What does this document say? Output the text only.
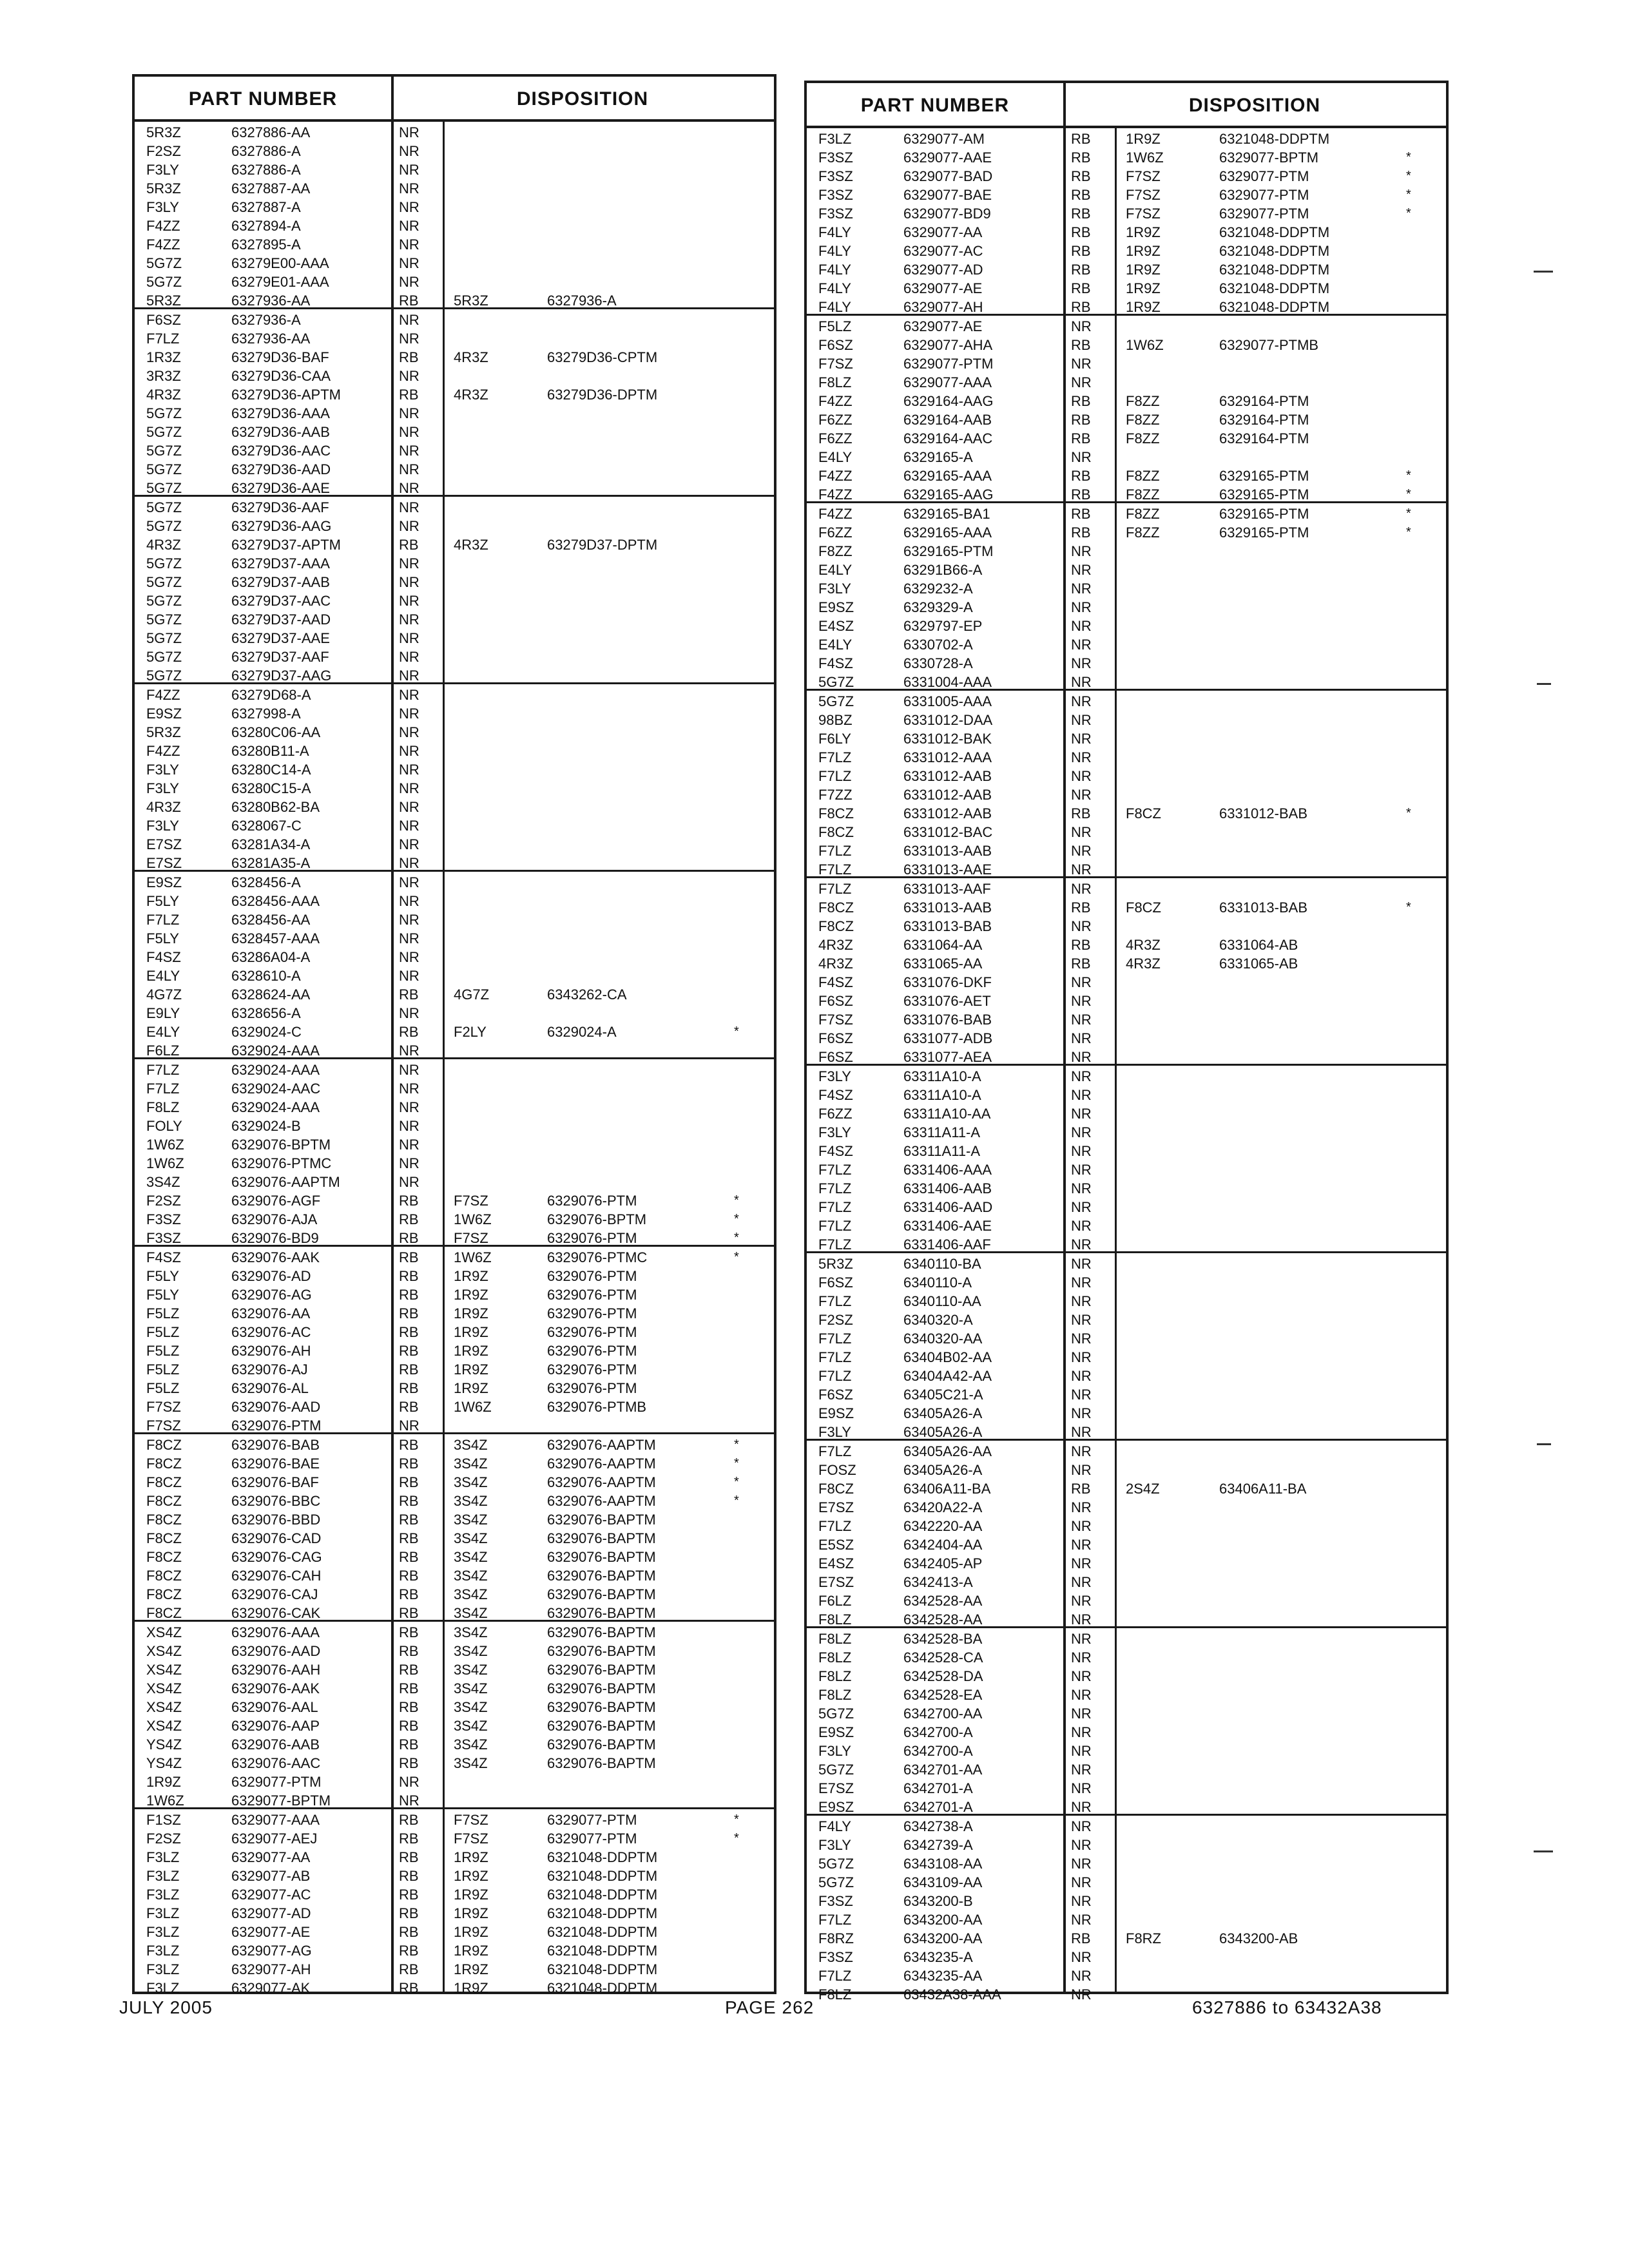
PART NUMBER	DISPOSITION
5R3Z	6327886-AA	NR
F2SZ	6327886-A	NR
F3LY	6327886-A	NR
5R3Z	6327887-AA	NR
F3LY	6327887-A	NR
F4ZZ	6327894-A	NR
F4ZZ	6327895-A	NR
5G7Z	63279E00-AAA	NR
5G7Z	63279E01-AAA	NR
5R3Z	6327936-AA	RB 5R3Z	6327936-A
F6SZ	6327936-A	NR
F7LZ	6327936-AA	NR
1R3Z	63279D36-BAF	RB 4R3Z	63279D36-CPTM
3R3Z	63279D36-CAA	NR
4R3Z	63279D36-APTM	RB 4R3Z	63279D36-DPTM
5G7Z	63279D36-AAA	NR
5G7Z	63279D36-AAB	NR
5G7Z	63279D36-AAC	NR
5G7Z	63279D36-AAD	NR
5G7Z	63279D36-AAE	NR
5G7Z	63279D36-AAF	NR
5G7Z	63279D36-AAG	NR
4R3Z	63279D37-APTM	RB 4R3Z	63279D37-DPTM
5G7Z	63279D37-AAA	NR
5G7Z	63279D37-AAB	NR
5G7Z	63279D37-AAC	NR
5G7Z	63279D37-AAD	NR
5G7Z	63279D37-AAE	NR
5G7Z	63279D37-AAF	NR
5G7Z	63279D37-AAG	NR
F4ZZ	63279D68-A	NR
E9SZ	6327998-A	NR
5R3Z	63280C06-AA	NR
F4ZZ	63280B11-A	NR
F3LY	63280C14-A	NR
F3LY	63280C15-A	NR
4R3Z	63280B62-BA	NR
F3LY	6328067-C	NR
E7SZ	63281A34-A	NR
E7SZ	63281A35-A	NR
E9SZ	6328456-A	NR
F5LY	6328456-AAA	NR
F7LZ	6328456-AA	NR
F5LY	6328457-AAA	NR
F4SZ	63286A04-A	NR
E4LY	6328610-A	NR
4G7Z	6328624-AA	RB 4G7Z	6343262-CA
E9LY	6328656-A	NR
E4LY	6329024-C	RB F2LY	6329024-A	*
F6LZ	6329024-AAA	NR
F7LZ	6329024-AAA	NR
F7LZ	6329024-AAC	NR
F8LZ	6329024-AAA	NR
FOLY	6329024-B	NR
1W6Z	6329076-BPTM	NR
1W6Z	6329076-PTMC	NR
3S4Z	6329076-AAPTM	NR
F2SZ	6329076-AGF	RB F7SZ	6329076-PTM	*
F3SZ	6329076-AJA	RB 1W6Z	6329076-BPTM	*
F3SZ	6329076-BD9	RB F7SZ	6329076-PTM	*
F4SZ	6329076-AAK	RB 1W6Z	6329076-PTMC	*
F5LY	6329076-AD	RB 1R9Z	6329076-PTM
F5LY	6329076-AG	RB 1R9Z	6329076-PTM
F5LZ	6329076-AA	RB 1R9Z	6329076-PTM
F5LZ	6329076-AC	RB 1R9Z	6329076-PTM
F5LZ	6329076-AH	RB 1R9Z	6329076-PTM
F5LZ	6329076-AJ	RB 1R9Z	6329076-PTM
F5LZ	6329076-AL	RB 1R9Z	6329076-PTM
F7SZ	6329076-AAD	RB 1W6Z	6329076-PTMB
F7SZ	6329076-PTM	NR
F8CZ	6329076-BAB	RB 3S4Z	6329076-AAPTM	*
F8CZ	6329076-BAE	RB 3S4Z	6329076-AAPTM	*
F8CZ	6329076-BAF	RB 3S4Z	6329076-AAPTM	*
F8CZ	6329076-BBC	RB 3S4Z	6329076-AAPTM	*
F8CZ	6329076-BBD	RB 3S4Z	6329076-BAPTM
F8CZ	6329076-CAD	RB 3S4Z	6329076-BAPTM
F8CZ	6329076-CAG	RB 3S4Z	6329076-BAPTM
F8CZ	6329076-CAH	RB 3S4Z	6329076-BAPTM
F8CZ	6329076-CAJ	RB 3S4Z	6329076-BAPTM
F8CZ	6329076-CAK	RB 3S4Z	6329076-BAPTM
XS4Z	6329076-AAA	RB 3S4Z	6329076-BAPTM
XS4Z	6329076-AAD	RB 3S4Z	6329076-BAPTM
XS4Z	6329076-AAH	RB 3S4Z	6329076-BAPTM
XS4Z	6329076-AAK	RB 3S4Z	6329076-BAPTM
XS4Z	6329076-AAL	RB 3S4Z	6329076-BAPTM
XS4Z	6329076-AAP	RB 3S4Z	6329076-BAPTM
YS4Z	6329076-AAB	RB 3S4Z	6329076-BAPTM
YS4Z	6329076-AAC	RB 3S4Z	6329076-BAPTM
1R9Z	6329077-PTM	NR
1W6Z	6329077-BPTM	NR
F1SZ	6329077-AAA	RB F7SZ	6329077-PTM	*
F2SZ	6329077-AEJ	RB F7SZ	6329077-PTM	*
F3LZ	6329077-AA	RB 1R9Z	6321048-DDPTM
F3LZ	6329077-AB	RB 1R9Z	6321048-DDPTM
F3LZ	6329077-AC	RB 1R9Z	6321048-DDPTM
F3LZ	6329077-AD	RB 1R9Z	6321048-DDPTM
F3LZ	6329077-AE	RB 1R9Z	6321048-DDPTM
F3LZ	6329077-AG	RB 1R9Z	6321048-DDPTM
F3LZ	6329077-AH	RB 1R9Z	6321048-DDPTM
F3LZ	6329077-AK	RB 1R9Z	6321048-DDPTM
PART NUMBER	DISPOSITION
F3LZ	6329077-AM	RB 1R9Z	6321048-DDPTM
F3SZ	6329077-AAE	RB 1W6Z	6329077-BPTM	*
F3SZ	6329077-BAD	RB F7SZ	6329077-PTM	*
F3SZ	6329077-BAE	RB F7SZ	6329077-PTM	*
F3SZ	6329077-BD9	RB F7SZ	6329077-PTM	*
F4LY	6329077-AA	RB 1R9Z	6321048-DDPTM
F4LY	6329077-AC	RB 1R9Z	6321048-DDPTM
F4LY	6329077-AD	RB 1R9Z	6321048-DDPTM
F4LY	6329077-AE	RB 1R9Z	6321048-DDPTM
F4LY	6329077-AH	RB 1R9Z	6321048-DDPTM
F5LZ	6329077-AE	NR
F6SZ	6329077-AHA	RB 1W6Z	6329077-PTMB
F7SZ	6329077-PTM	NR
F8LZ	6329077-AAA	NR
F4ZZ	6329164-AAG	RB F8ZZ	6329164-PTM
F6ZZ	6329164-AAB	RB F8ZZ	6329164-PTM
F6ZZ	6329164-AAC	RB F8ZZ	6329164-PTM
E4LY	6329165-A	NR
F4ZZ	6329165-AAA	RB F8ZZ	6329165-PTM	*
F4ZZ	6329165-AAG	RB F8ZZ	6329165-PTM	*
F4ZZ	6329165-BA1	RB F8ZZ	6329165-PTM	*
F6ZZ	6329165-AAA	RB F8ZZ	6329165-PTM	*
F8ZZ	6329165-PTM	NR
E4LY	63291B66-A	NR
F3LY	6329232-A	NR
E9SZ	6329329-A	NR
E4SZ	6329797-EP	NR
E4LY	6330702-A	NR
F4SZ	6330728-A	NR
5G7Z	6331004-AAA	NR
5G7Z	6331005-AAA	NR
98BZ	6331012-DAA	NR
F6LY	6331012-BAK	NR
F7LZ	6331012-AAA	NR
F7LZ	6331012-AAB	NR
F7ZZ	6331012-AAB	NR
F8CZ	6331012-AAB	RB F8CZ	6331012-BAB	*
F8CZ	6331012-BAC	NR
F7LZ	6331013-AAB	NR
F7LZ	6331013-AAE	NR
F7LZ	6331013-AAF	NR
F8CZ	6331013-AAB	RB F8CZ	6331013-BAB	*
F8CZ	6331013-BAB	NR
4R3Z	6331064-AA	RB 4R3Z	6331064-AB
4R3Z	6331065-AA	RB 4R3Z	6331065-AB
F4SZ	6331076-DKF	NR
F6SZ	6331076-AET	NR
F7SZ	6331076-BAB	NR
F6SZ	6331077-ADB	NR
F6SZ	6331077-AEA	NR
F3LY	63311A10-A	NR
F4SZ	63311A10-A	NR
F6ZZ	63311A10-AA	NR
F3LY	63311A11-A	NR
F4SZ	63311A11-A	NR
F7LZ	6331406-AAA	NR
F7LZ	6331406-AAB	NR
F7LZ	6331406-AAD	NR
F7LZ	6331406-AAE	NR
F7LZ	6331406-AAF	NR
5R3Z	6340110-BA	NR
F6SZ	6340110-A	NR
F7LZ	6340110-AA	NR
F2SZ	6340320-A	NR
F7LZ	6340320-AA	NR
F7LZ	63404B02-AA	NR
F7LZ	63404A42-AA	NR
F6SZ	63405C21-A	NR
E9SZ	63405A26-A	NR
F3LY	63405A26-A	NR
F7LZ	63405A26-AA	NR
FOSZ	63405A26-A	NR
F8CZ	63406A11-BA	RB 2S4Z	63406A11-BA
E7SZ	63420A22-A	NR
F7LZ	6342220-AA	NR
E5SZ	6342404-AA	NR
E4SZ	6342405-AP	NR
E7SZ	6342413-A	NR
F6LZ	6342528-AA	NR
F8LZ	6342528-AA	NR
F8LZ	6342528-BA	NR
F8LZ	6342528-CA	NR
F8LZ	6342528-DA	NR
F8LZ	6342528-EA	NR
5G7Z	6342700-AA	NR
E9SZ	6342700-A	NR
F3LY	6342700-A	NR
5G7Z	6342701-AA	NR
E7SZ	6342701-A	NR
E9SZ	6342701-A	NR
F4LY	6342738-A	NR
F3LY	6342739-A	NR
5G7Z	6343108-AA	NR
5G7Z	6343109-AA	NR
F3SZ	6343200-B	NR
F7LZ	6343200-AA	NR
F8RZ	6343200-AA	RB F8RZ	6343200-AB
F3SZ	6343235-A	NR
F7LZ	6343235-AA	NR
F8LZ	63432A38-AAA	NR
JULY 2005	PAGE 262	6327886 to 63432A38
